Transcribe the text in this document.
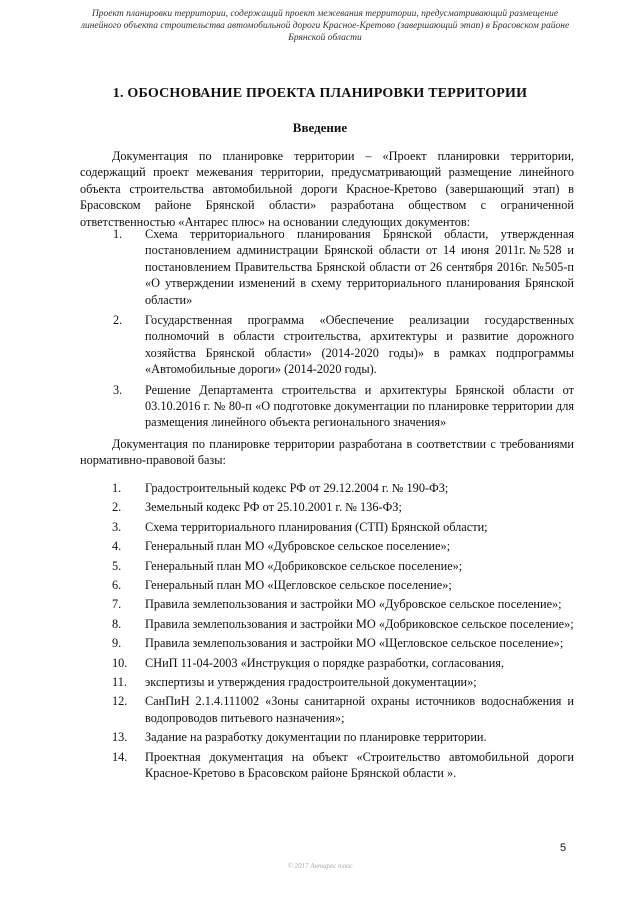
Проект планировки территории, содержащий проект межевания территории, предусматривающий размещение линейного объекта строительства автомобильной дороги Красное-Кретово (завершающий этап) в Брасовском районе Брянской области
1. ОБОСНОВАНИЕ ПРОЕКТА ПЛАНИРОВКИ ТЕРРИТОРИИ
Введение
Документация по планировке территории – «Проект планировки территории, содержащий проект межевания территории, предусматривающий размещение линейного объекта строительства автомобильной дороги Красное-Кретово (завершающий этап) в Брасовском районе Брянской области» разработана обществом с ограниченной ответственностью «Антарес плюс» на основании следующих документов:
1. Схема территориального планирования Брянской области, утвержденная постановлением администрации Брянской области от 14 июня 2011г.№528 и постановлением Правительства Брянской области от 26 сентября 2016г. №505-п «О утверждении изменений в схему территориального планирования Брянской области»
2. Государственная программа «Обеспечение реализации государственных полномочий в области строительства, архитектуры и развитие дорожного хозяйства Брянской области» (2014-2020 годы)» в рамках подпрограммы «Автомобильные дороги» (2014-2020 годы).
3. Решение Департамента строительства и архитектуры Брянской области от 03.10.2016 г. № 80-п «О подготовке документации по планировке территории для размещения линейного объекта регионального значения»
Документация по планировке территории разработана в соответствии с требованиями нормативно-правовой базы:
1. Градостроительный кодекс РФ от 29.12.2004 г. № 190-ФЗ;
2. Земельный кодекс РФ от 25.10.2001 г. № 136-ФЗ;
3. Схема территориального планирования (СТП) Брянской области;
4. Генеральный план МО «Дубровское сельское поселение»;
5. Генеральный план МО «Добриковское сельское поселение»;
6. Генеральный план МО «Щегловское сельское поселение»;
7. Правила землепользования и застройки МО «Дубровское сельское поселение»;
8. Правила землепользования и застройки МО «Добриковское сельское поселение»;
9. Правила землепользования и застройки МО «Щегловское сельское поселение»;
10. СНиП 11-04-2003 «Инструкция о порядке разработки, согласования,
11. экспертизы и утверждения градостроительной документации»;
12. СанПиН 2.1.4.111002 «Зоны санитарной охраны источников водоснабжения и водопроводов питьевого назначения»;
13. Задание на разработку документации по планировке территории.
14. Проектная документация на объект «Строительство автомобильной дороги Красное-Кретово в Брасовском районе Брянской области ».
5
© 2017 Антарес плюс
